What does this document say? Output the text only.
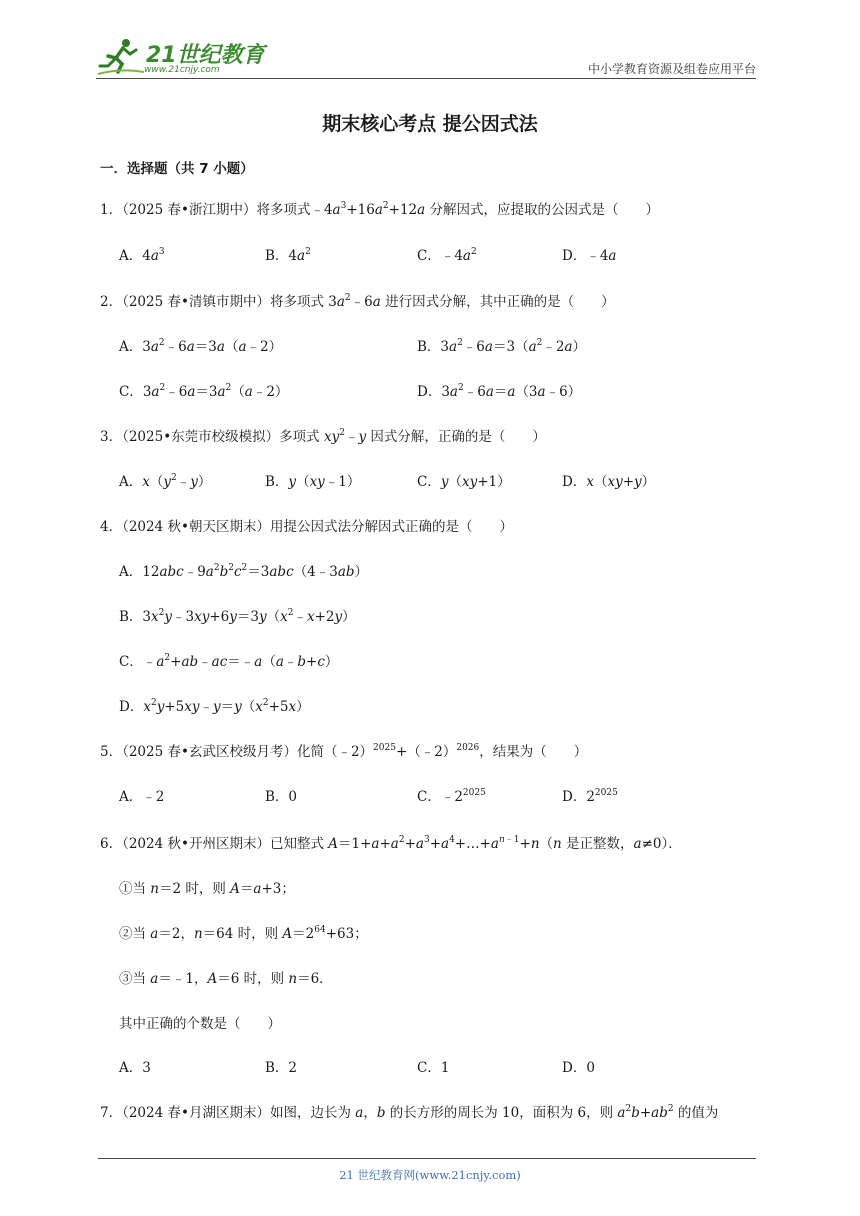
21世纪教育
www.21cnjy.com	中小学教育资源及组卷应用平台
期末核心考点 提公因式法
一．选择题（共 7 小题）
1．（2025 春•浙江期中）将多项式$﹣4a^3+16a^2+12a$ 分解因式，应提取的公因式是（　　）
A．$4a^3$	B．$4a^2$	C．$﹣4a^2$	D．﹣4a
2．（2025 春•清镇市期中）将多项式 $3a^2﹣6a$ 进行因式分解，其中正确的是（　　）
A．$3a^2﹣6a=3a(a﹣2)$	B．$3a^2﹣6a=3(a^2﹣2a)$
C．$3a^2﹣6a=3a^2(a﹣2)$	D．$3a^2﹣6a=a(3a﹣6)$
3．（2025•东莞市校级模拟）多项式 $xy^2﹣y$ 因式分解，正确的是（　　）
A．$x(y^2﹣y)$	B．y（xy﹣1）	C．y（xy+1）	D．x（xy+y）
4．（2024 秋•朝天区期末）用提公因式法分解因式正确的是（　　）
A．$12abc﹣9a^2b^2c^2=3abc(4﹣3ab)$
B．$3x^2y﹣3xy+6y=3y(x^2﹣x+2y)$
C．$﹣a^2+ab﹣ac=﹣a(a﹣b+c)$
D．$x^2y+5xy﹣y=y(x^2+5x)$
5．（2025 春•玄武区校级月考）化简（﹣2）$^{2025}$+（﹣2）$^{2026}$，结果为（　　）
A．﹣2	B．0	C．$﹣2^{2025}$	D．$2^{2025}$
6．（2024 秋•开州区期末）已知整式 $A=1+a+a^2+a^3+a^4+\dots+a^{n﹣1}+n(n$ 是正整数，a≠0）．
①当 n＝2 时，则 A＝a+3；
②当 a＝2，n＝64 时，则 $A=2^{64}+63$；
③当 a＝﹣1，A＝6 时，则 n＝6．
其中正确的个数是（　　）
A．3	B．2	C．1	D．0
7．（2024 春•月湖区期末）如图，边长为 a，b 的长方形的周长为 10，面积为 6，则 $a^2b+ab^2$ 的值为
21 世纪教育网(www.21cnjy.com)
